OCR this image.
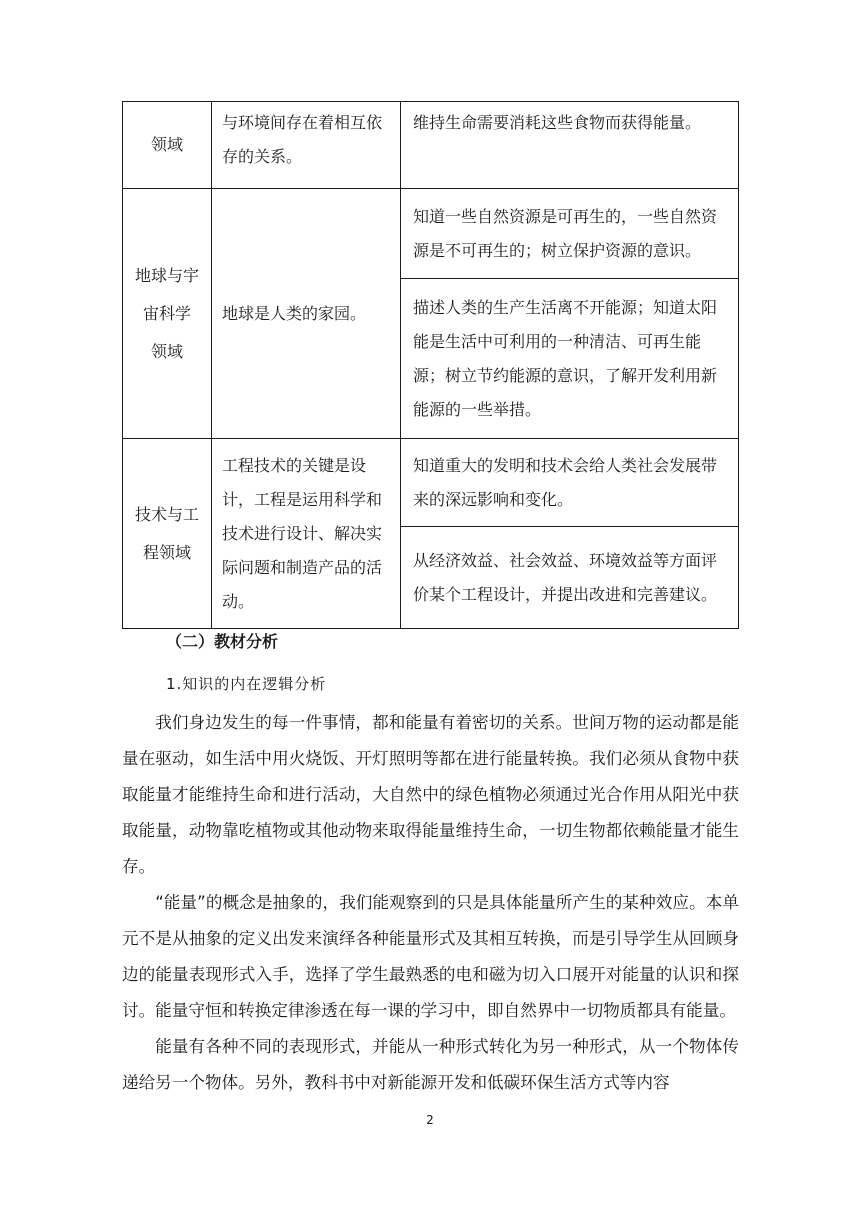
领域	与环境间存在着相互依存的关系。	维持生命需要消耗这些食物而获得能量。

地球与宇
宙科学
领域	地球是人类的家园。	知道一些自然资源是可再生的，一些自然资源是不可再生的；树立保护资源的意识。
		描述人类的生产生活离不开能源；知道太阳能是生活中可利用的一种清洁、可再生能源；树立节约能源的意识，了解开发利用新能源的一些举措。

技术与工
程领域	工程技术的关键是设计，工程是运用科学和技术进行设计、解决实际问题和制造产品的活动。	知道重大的发明和技术会给人类社会发展带来的深远影响和变化。
		从经济效益、社会效益、环境效益等方面评价某个工程设计，并提出改进和完善建议。
（二）教材分析
1.知识的内在逻辑分析

我们身边发生的每一件事情，都和能量有着密切的关系。世间万物的运动都是能量在驱动，如生活中用火烧饭、开灯照明等都在进行能量转换。我们必须从食物中获取能量才能维持生命和进行活动，大自然中的绿色植物必须通过光合作用从阳光中获取能量，动物靠吃植物或其他动物来取得能量维持生命，一切生物都依赖能量才能生存。

“能量”的概念是抽象的，我们能观察到的只是具体能量所产生的某种效应。本单元不是从抽象的定义出发来演绎各种能量形式及其相互转换，而是引导学生从回顾身边的能量表现形式入手，选择了学生最熟悉的电和磁为切入口展开对能量的认识和探讨。能量守恒和转换定律渗透在每一课的学习中，即自然界中一切物质都具有能量。

能量有各种不同的表现形式，并能从一种形式转化为另一种形式，从一个物体传递给另一个物体。另外，教科书中对新能源开发和低碳环保生活方式等内容

2
